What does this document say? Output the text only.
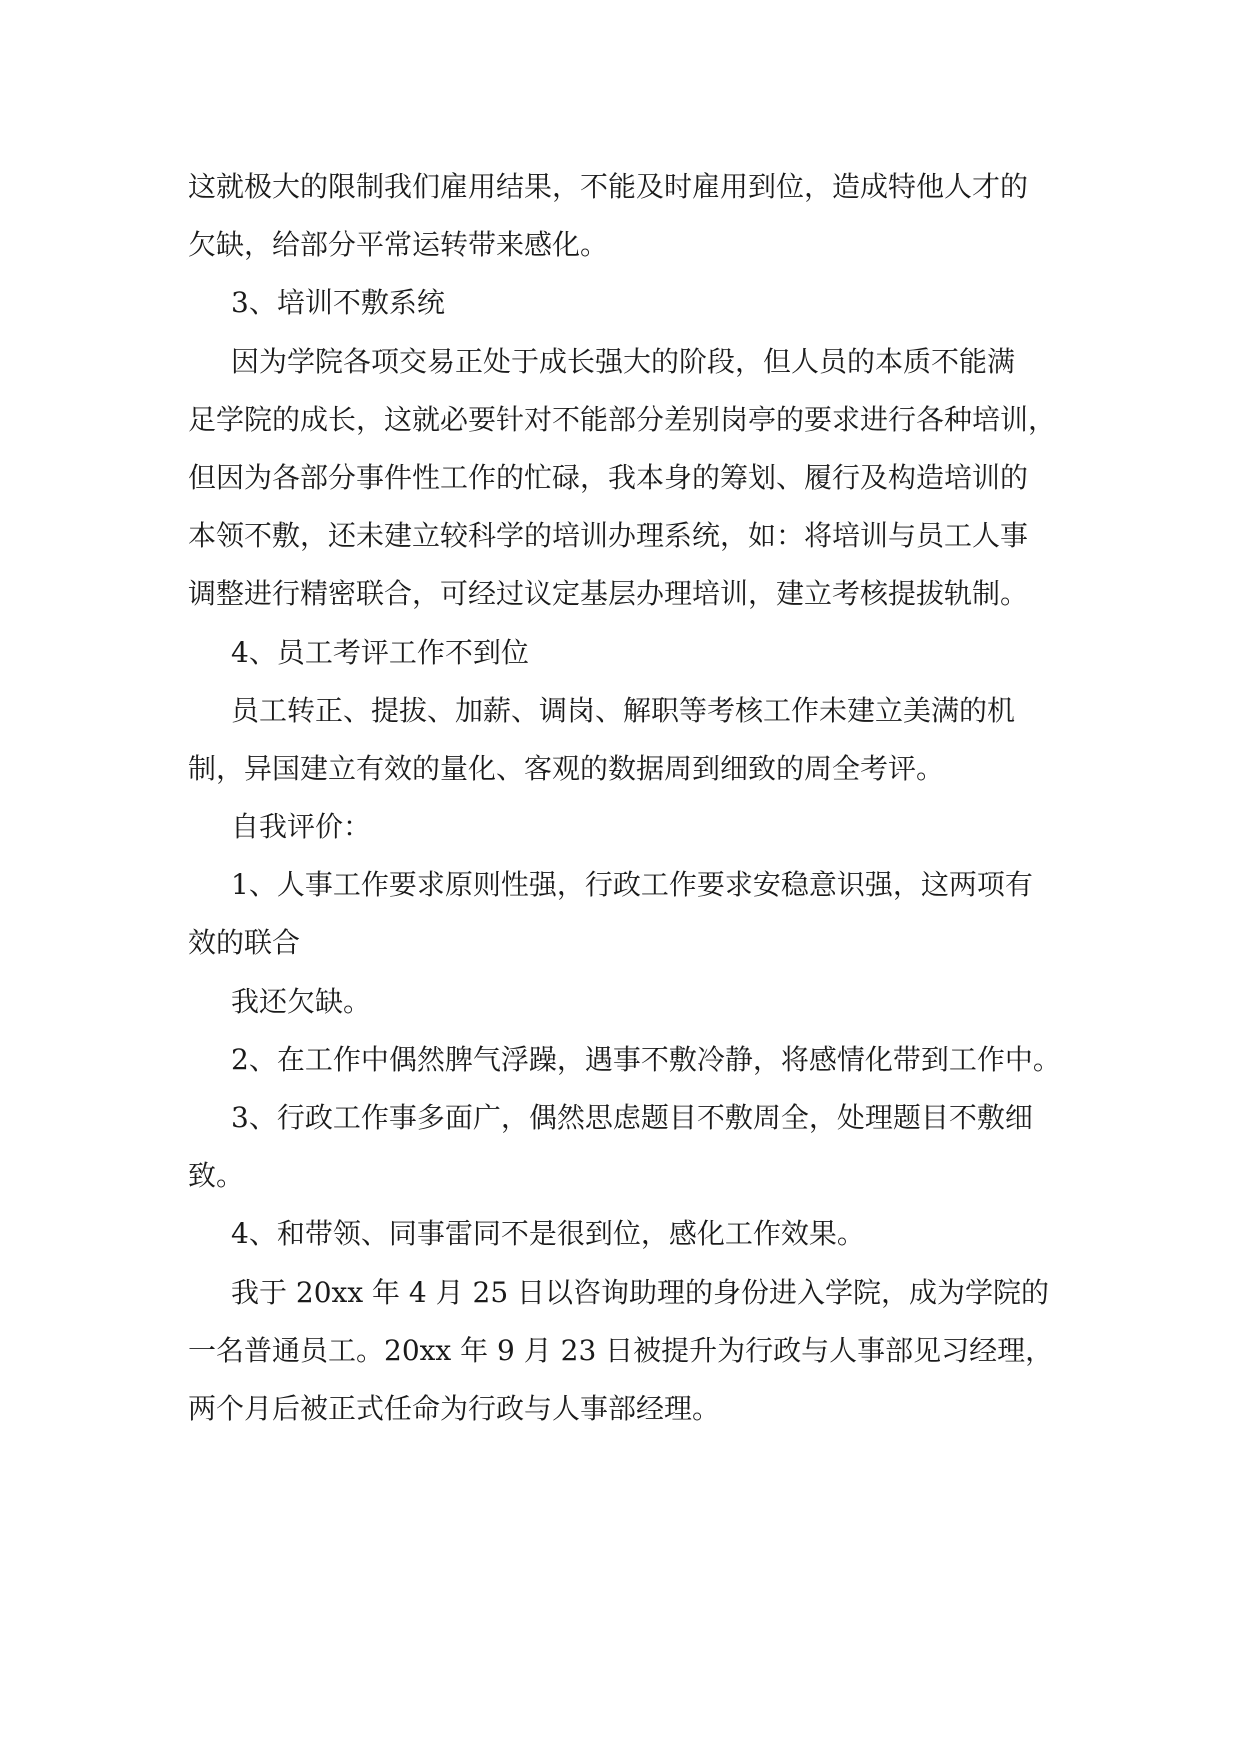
这就极大的限制我们雇用结果，不能及时雇用到位，造成特他人才的
欠缺，给部分平常运转带来感化。
3、培训不敷系统
因为学院各项交易正处于成长强大的阶段，但人员的本质不能满
足学院的成长，这就必要针对不能部分差别岗亭的要求进行各种培训，
但因为各部分事件性工作的忙碌，我本身的筹划、履行及构造培训的
本领不敷，还未建立较科学的培训办理系统，如：将培训与员工人事
调整进行精密联合，可经过议定基层办理培训，建立考核提拔轨制。
4、员工考评工作不到位
员工转正、提拔、加薪、调岗、解职等考核工作未建立美满的机
制，异国建立有效的量化、客观的数据周到细致的周全考评。
自我评价：
1、人事工作要求原则性强，行政工作要求安稳意识强，这两项有
效的联合
我还欠缺。
2、在工作中偶然脾气浮躁，遇事不敷冷静，将感情化带到工作中。
3、行政工作事多面广，偶然思虑题目不敷周全，处理题目不敷细
致。
4、和带领、同事雷同不是很到位，感化工作效果。
我于 20xx 年 4 月 25 日以咨询助理的身份进入学院，成为学院的
一名普通员工。20xx 年 9 月 23 日被提升为行政与人事部见习经理，
两个月后被正式任命为行政与人事部经理。
